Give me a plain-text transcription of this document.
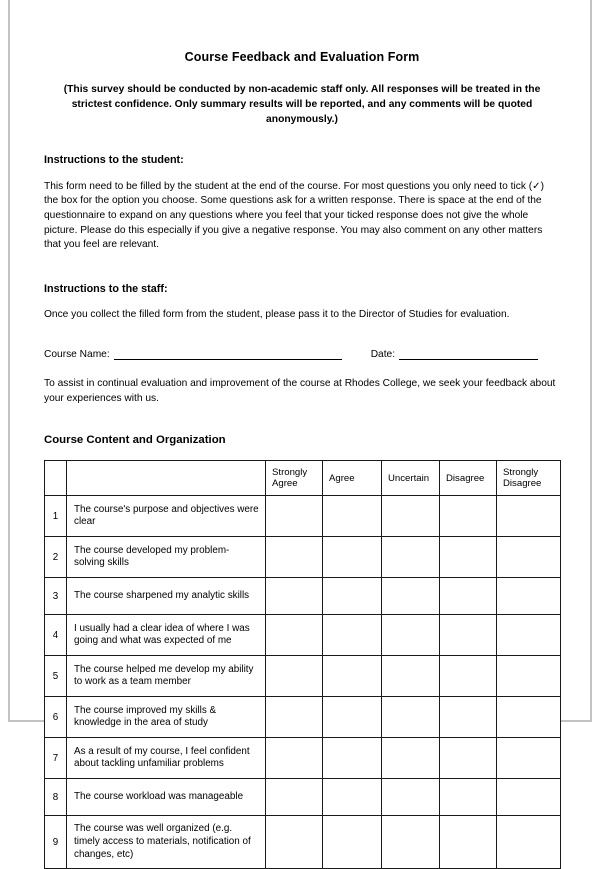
Course Feedback and Evaluation Form
(This survey should be conducted by non-academic staff only. All responses will be treated in the strictest confidence. Only summary results will be reported, and any comments will be quoted anonymously.)
Instructions to the student:
This form need to be filled by the student at the end of the course. For most questions you only need to tick (✓) the box for the option you choose. Some questions ask for a written response. There is space at the end of the questionnaire to expand on any questions where you feel that your ticked response does not give the whole picture. Please do this especially if you give a negative response. You may also comment on any other matters that you feel are relevant.
Instructions to the staff:
Once you collect the filled form from the student, please pass it to the Director of Studies for evaluation.
Course Name:	Date:
To assist in continual evaluation and improvement of the course at Rhodes College, we seek your feedback about your experiences with us.
Course Content and Organization
		Strongly Agree	Agree	Uncertain	Disagree	Strongly Disagree
1	The course's purpose and objectives were clear					
2	The course developed my problem-solving skills					
3	The course sharpened my analytic skills					
4	I usually had a clear idea of where I was going and what was expected of me					
5	The course helped me develop my ability to work as a team member					
6	The course improved my skills & knowledge in the area of study					
7	As a result of my course, I feel confident about tackling unfamiliar problems					
8	The course workload was manageable					
9	The course was well organized (e.g. timely access to materials, notification of changes, etc)					
